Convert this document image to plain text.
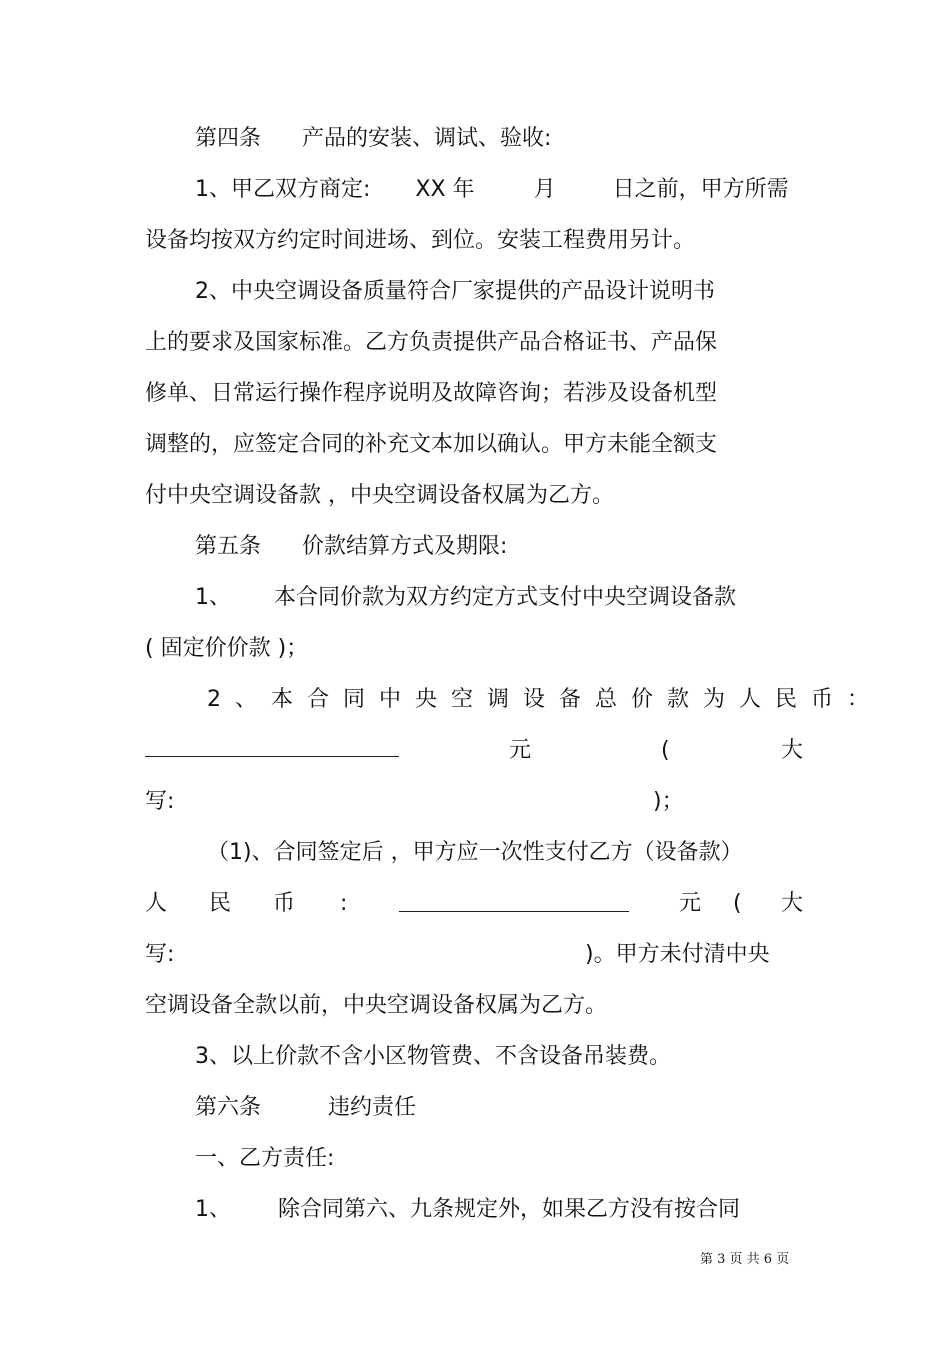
第四条 产品的安装、调试、验收:
1、甲乙双方商定: XX 年	月	日之前，甲方所需
设备均按双方约定时间进场、到位。安装工程费用另计。
2、中央空调设备质量符合厂家提供的产品设计说明书
上的要求及国家标准。乙方负责提供产品合格证书、产品保
修单、日常运行操作程序说明及故障咨询；若涉及设备机型
调整的，应签定合同的补充文本加以确认。甲方未能全额支
付中央空调设备款 ，中央空调设备权属为乙方。
第五条 价款结算方式及期限:
1、 本合同价款为双方约定方式支付中央空调设备款
( 固定价价款 )；
2、本合同中央空调设备总价款为人民币：
元	(	大
写:	)；
（1)、合同签定后 ，甲方应一次性支付乙方（设备款）
人 民 币 :	元 ( 大
写:	)。甲方未付清中央
空调设备全款以前，中央空调设备权属为乙方。
3、以上价款不含小区物管费、不含设备吊装费。
第六条	违约责任
一、乙方责任:
1、 除合同第六、九条规定外，如果乙方没有按合同
第 3 页 共 6 页
